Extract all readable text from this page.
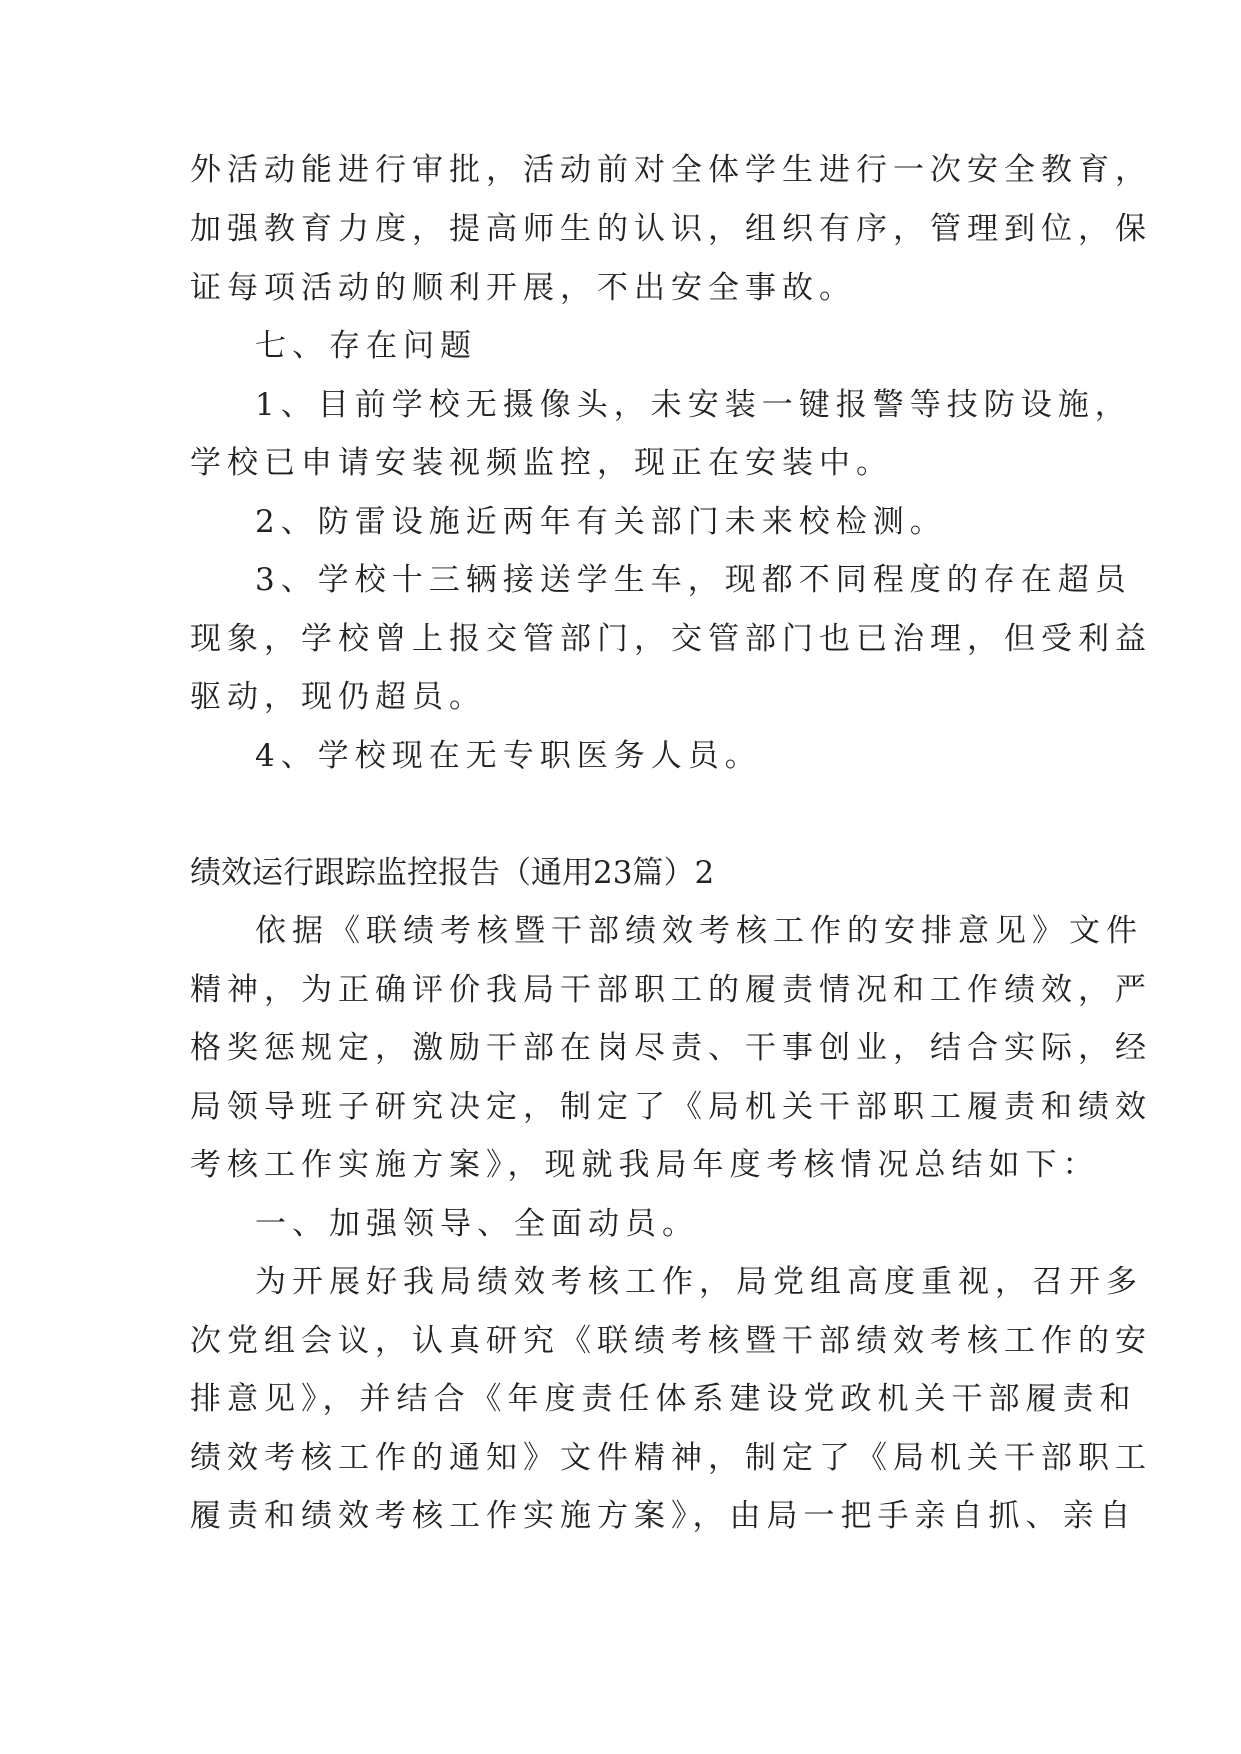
外活动能进行审批，活动前对全体学生进行一次安全教育，
加强教育力度，提高师生的认识，组织有序，管理到位，保
证每项活动的顺利开展，不出安全事故。
七、存在问题
1、目前学校无摄像头，未安装一键报警等技防设施，
学校已申请安装视频监控，现正在安装中。
2、防雷设施近两年有关部门未来校检测。
3、学校十三辆接送学生车，现都不同程度的存在超员
现象，学校曾上报交管部门，交管部门也已治理，但受利益
驱动，现仍超员。
4、学校现在无专职医务人员。
绩效运行跟踪监控报告（通用23篇）2
依据《联绩考核暨干部绩效考核工作的安排意见》文件
精神，为正确评价我局干部职工的履责情况和工作绩效，严
格奖惩规定，激励干部在岗尽责、干事创业，结合实际，经
局领导班子研究决定，制定了《局机关干部职工履责和绩效
考核工作实施方案》，现就我局年度考核情况总结如下：
一、加强领导、全面动员。
为开展好我局绩效考核工作，局党组高度重视，召开多
次党组会议，认真研究《联绩考核暨干部绩效考核工作的安
排意见》，并结合《年度责任体系建设党政机关干部履责和
绩效考核工作的通知》文件精神，制定了《局机关干部职工
履责和绩效考核工作实施方案》，由局一把手亲自抓、亲自
